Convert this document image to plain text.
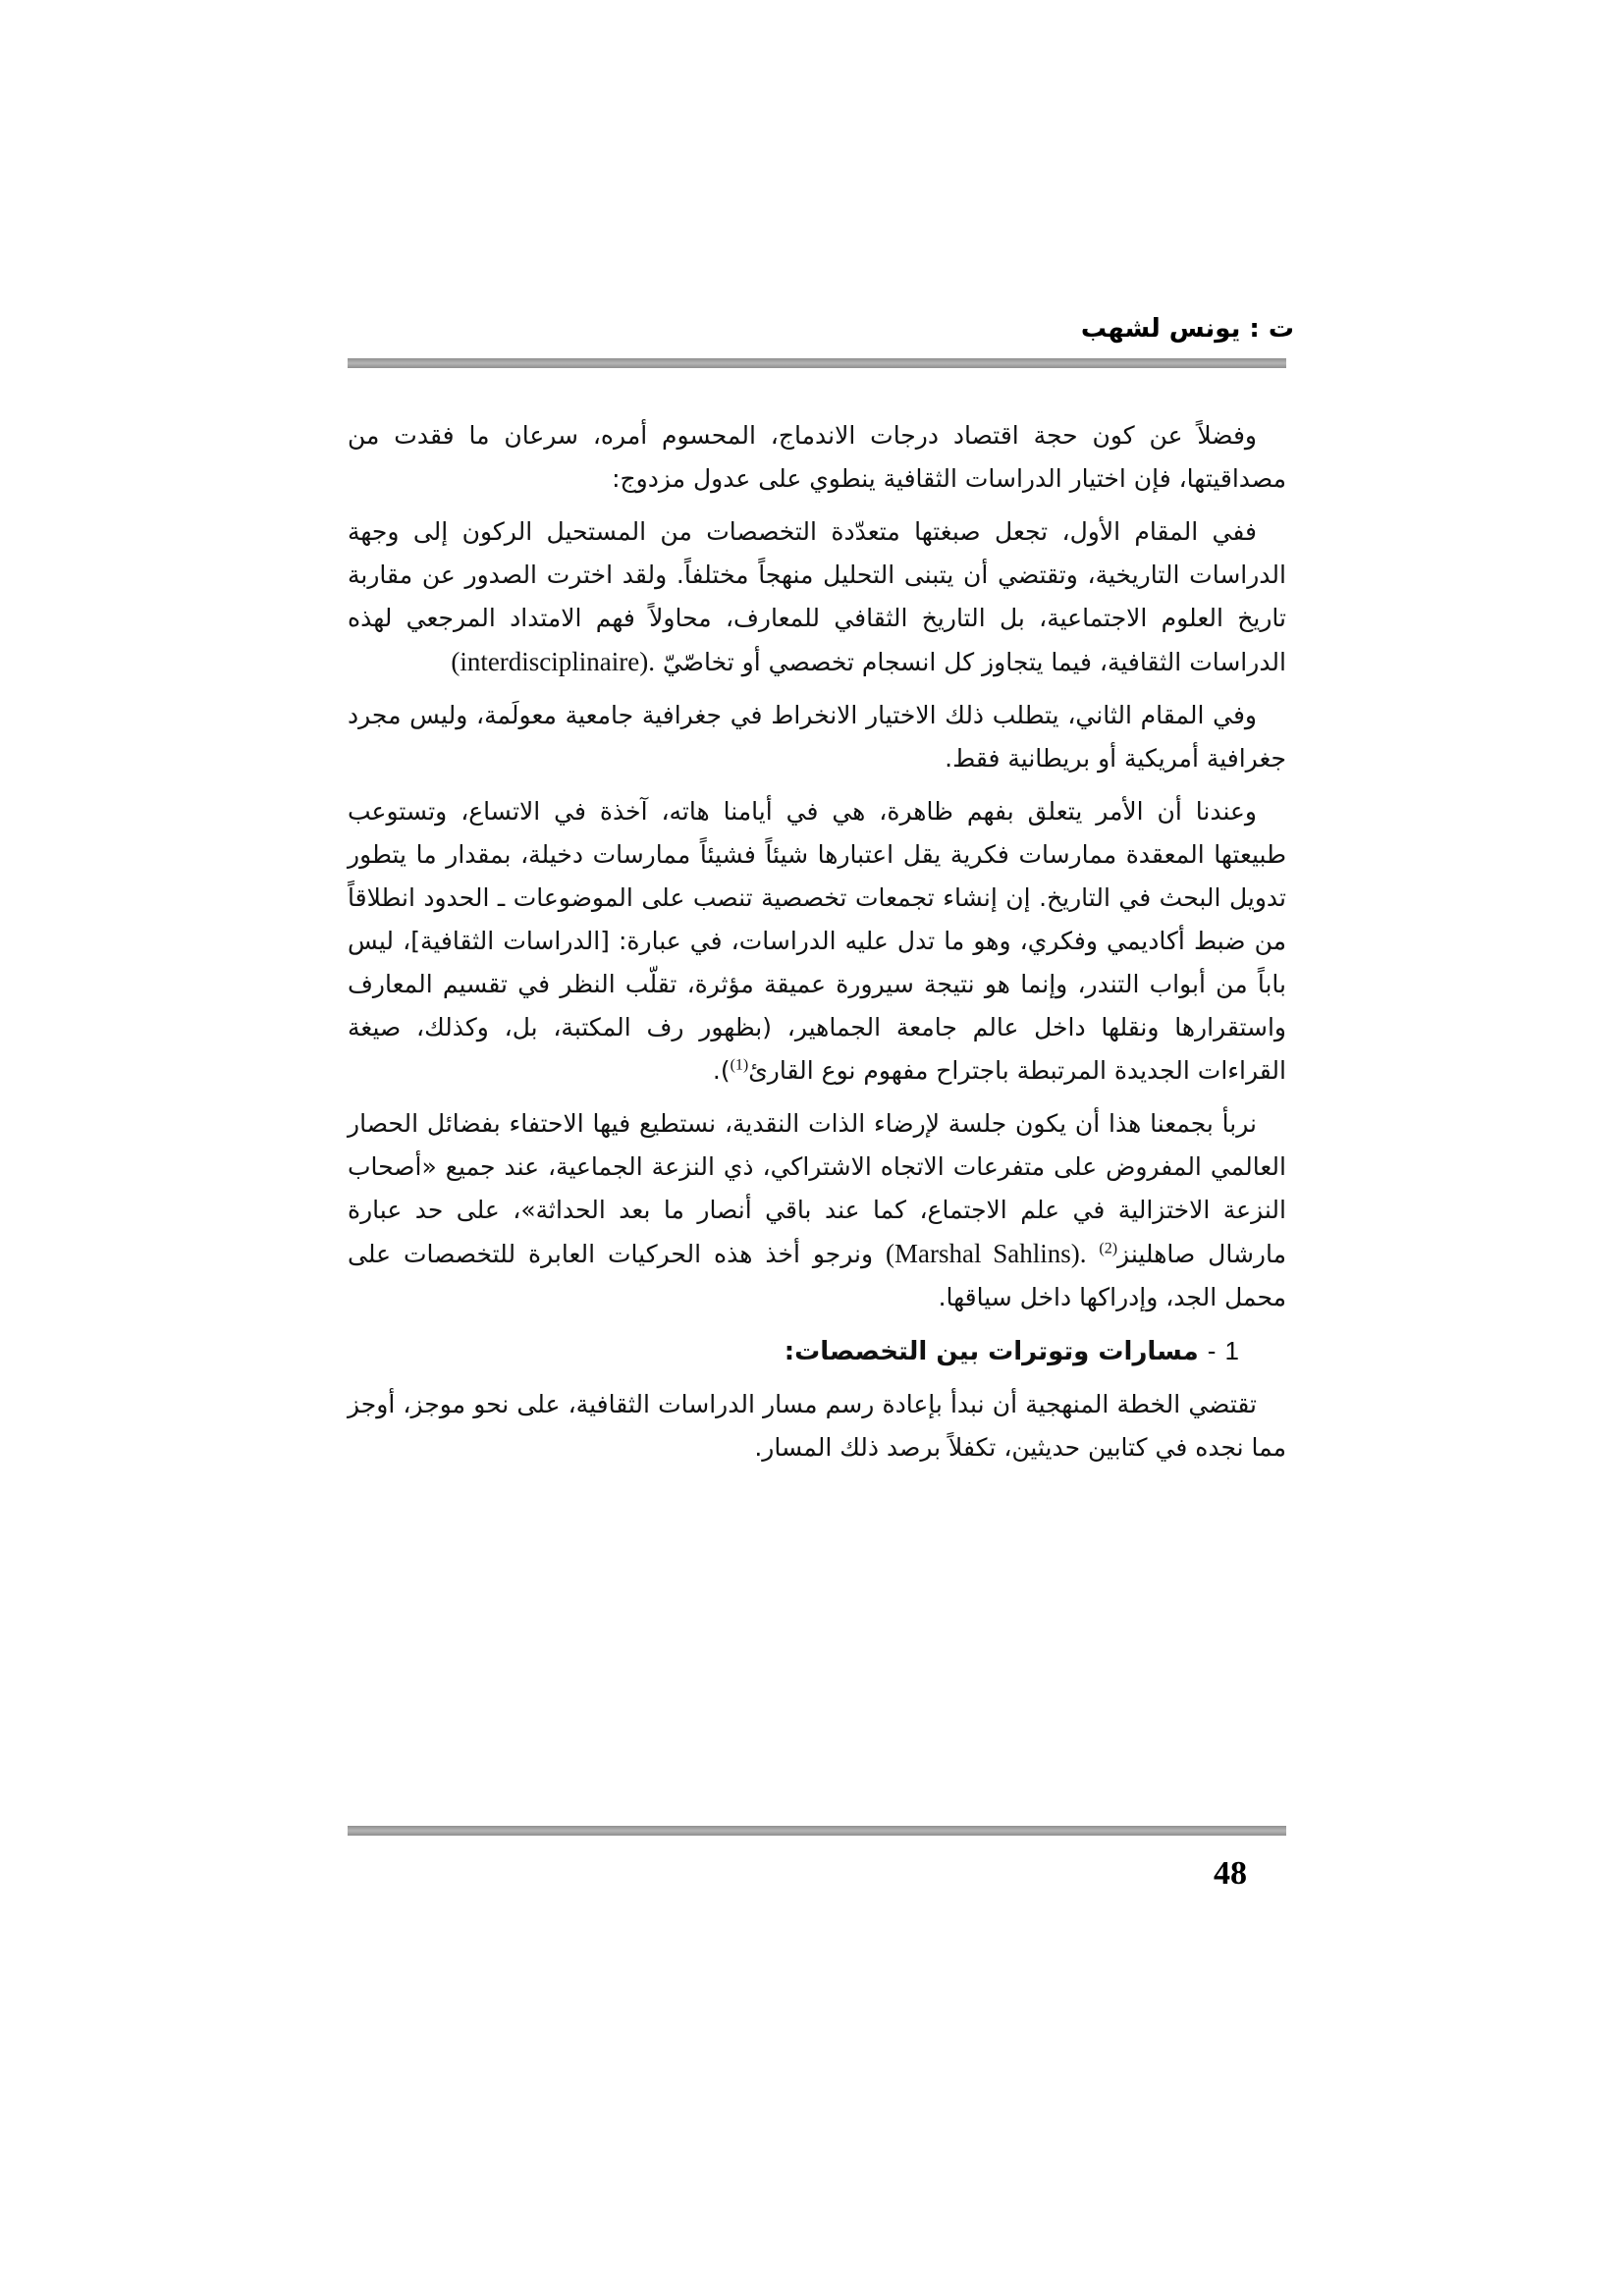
ت : يونس لشهب

وفضلاً عن كون حجة اقتصاد درجات الاندماج، المحسوم أمره، سرعان ما فقدت من مصداقيتها، فإن اختيار الدراسات الثقافية ينطوي على عدول مزدوج:

ففي المقام الأول، تجعل صبغتها متعدّدة التخصصات من المستحيل الركون إلى وجهة الدراسات التاريخية، وتقتضي أن يتبنى التحليل منهجاً مختلفاً. ولقد اخترت الصدور عن مقاربة تاريخ العلوم الاجتماعية، بل التاريخ الثقافي للمعارف، محاولاً فهم الامتداد المرجعي لهذه الدراسات الثقافية، فيما يتجاوز كل انسجام تخصصي أو تخاصّيّ (interdisciplinaire).

وفي المقام الثاني، يتطلب ذلك الاختيار الانخراط في جغرافية جامعية معولَمة، وليس مجرد جغرافية أمريكية أو بريطانية فقط.

وعندنا أن الأمر يتعلق بفهم ظاهرة، هي في أيامنا هاته، آخذة في الاتساع، وتستوعب طبيعتها المعقدة ممارسات فكرية يقل اعتبارها شيئاً فشيئاً ممارسات دخيلة، بمقدار ما يتطور تدويل البحث في التاريخ. إن إنشاء تجمعات تخصصية تنصب على الموضوعات ـ الحدود انطلاقاً من ضبط أكاديمي وفكري، وهو ما تدل عليه الدراسات، في عبارة: [الدراسات الثقافية]، ليس باباً من أبواب التندر، وإنما هو نتيجة سيرورة عميقة مؤثرة، تقلّب النظر في تقسيم المعارف واستقرارها ونقلها داخل عالم جامعة الجماهير، (بظهور رف المكتبة، بل، وكذلك، صيغة القراءات الجديدة المرتبطة باجتراح مفهوم نوع القارئ$^{(1)}$).

نربأ بجمعنا هذا أن يكون جلسة لإرضاء الذات النقدية، نستطيع فيها الاحتفاء بفضائل الحصار العالمي المفروض على متفرعات الاتجاه الاشتراكي، ذي النزعة الجماعية، عند جميع «أصحاب النزعة الاختزالية في علم الاجتماع، كما عند باقي أنصار ما بعد الحداثة»، على حد عبارة مارشال صاهلينز$^{(2)}$ (Marshal Sahlins). ونرجو أخذ هذه الحركيات العابرة للتخصصات على محمل الجد، وإدراكها داخل سياقها.

1 - مسارات وتوترات بين التخصصات:

تقتضي الخطة المنهجية أن نبدأ بإعادة رسم مسار الدراسات الثقافية، على نحو موجز، أوجز مما نجده في كتابين حديثين، تكفلاً برصد ذلك المسار.

48
